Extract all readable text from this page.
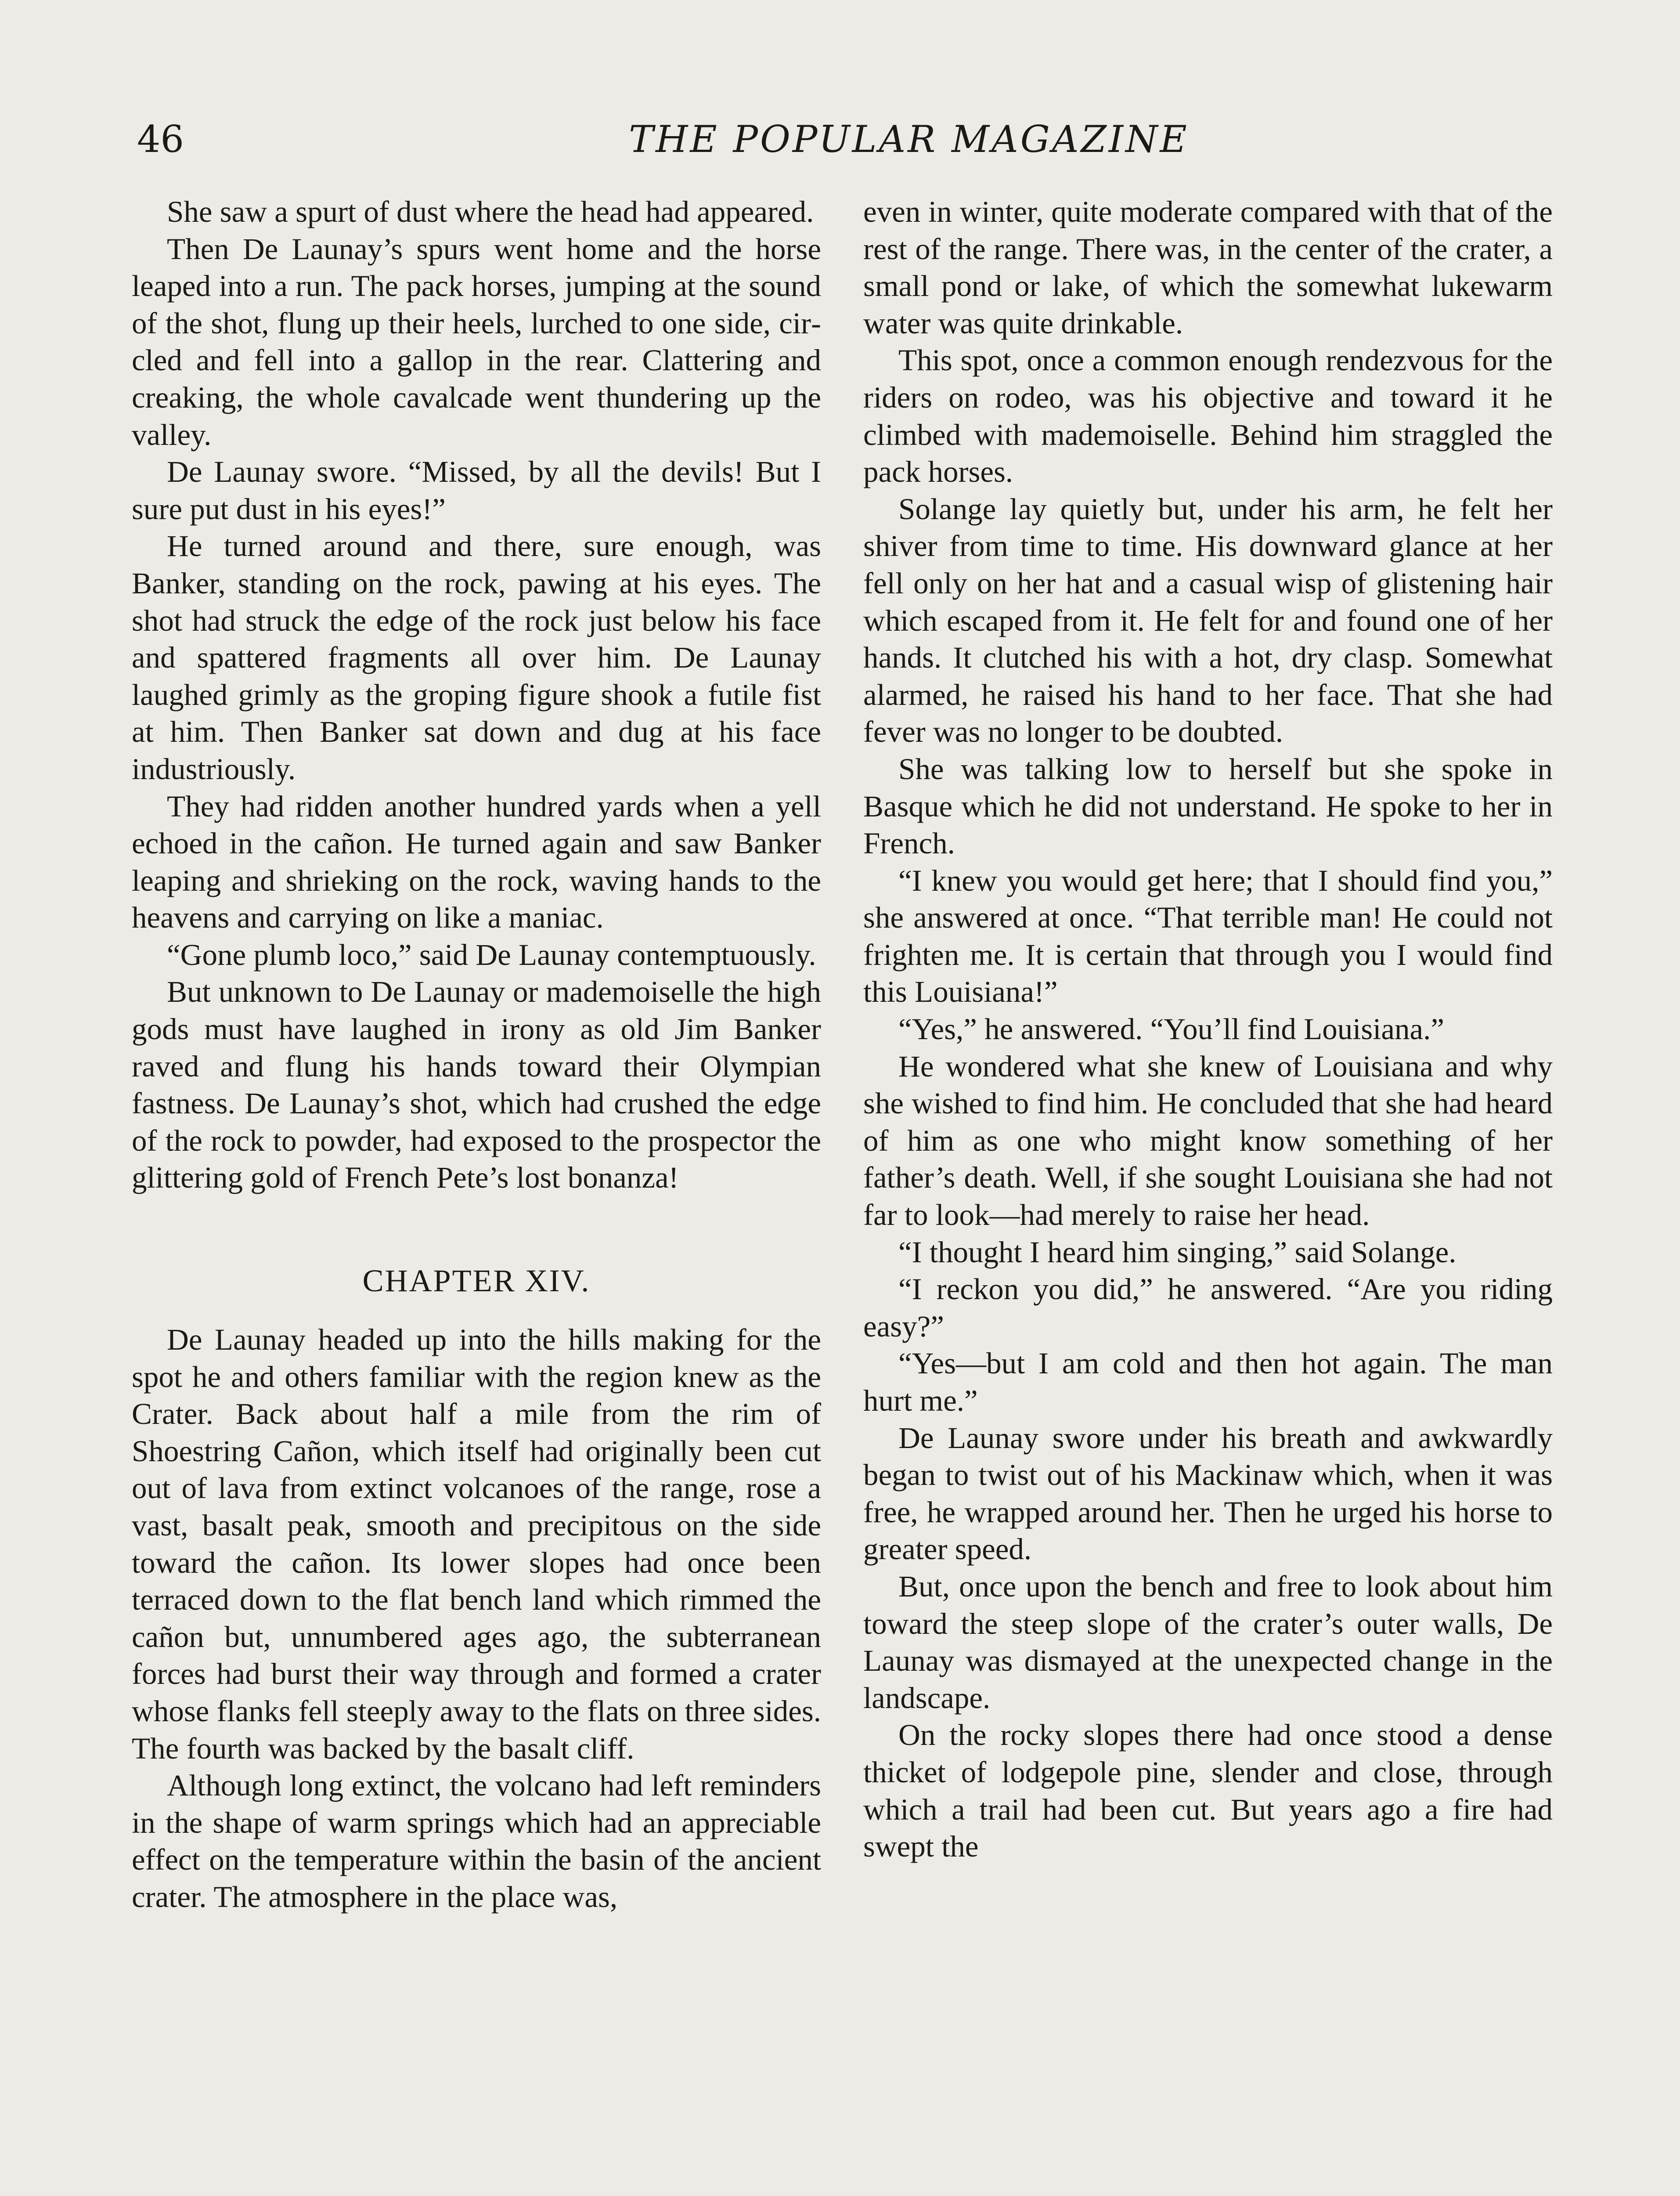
46	THE POPULAR MAGAZINE

She saw a spurt of dust where the head had appeared.

Then De Launay’s spurs went home and the horse leaped into a run. The pack horses, jumping at the sound of the shot, flung up their heels, lurched to one side, circled and fell into a gallop in the rear. Clattering and creaking, the whole cavalcade went thundering up the valley.

De Launay swore. “Missed, by all the devils! But I sure put dust in his eyes!”

He turned around and there, sure enough, was Banker, standing on the rock, pawing at his eyes. The shot had struck the edge of the rock just below his face and spattered fragments all over him. De Launay laughed grimly as the groping figure shook a futile fist at him. Then Banker sat down and dug at his face industriously.

They had ridden another hundred yards when a yell echoed in the cañon. He turned again and saw Banker leaping and shrieking on the rock, waving hands to the heavens and carrying on like a maniac.

“Gone plumb loco,” said De Launay contemptuously.

But unknown to De Launay or mademoiselle the high gods must have laughed in irony as old Jim Banker raved and flung his hands toward their Olympian fastness. De Launay’s shot, which had crushed the edge of the rock to powder, had exposed to the prospector the glittering gold of French Pete’s lost bonanza!

CHAPTER XIV.

De Launay headed up into the hills making for the spot he and others familiar with the region knew as the Crater. Back about half a mile from the rim of Shoestring Cañon, which itself had originally been cut out of lava from extinct volcanoes of the range, rose a vast, basalt peak, smooth and precipitous on the side toward the cañon. Its lower slopes had once been terraced down to the flat bench land which rimmed the cañon but, unnumbered ages ago, the subterranean forces had burst their way through and formed a crater whose flanks fell steeply away to the flats on three sides. The fourth was backed by the basalt cliff.

Although long extinct, the volcano had left reminders in the shape of warm springs which had an appreciable effect on the temperature within the basin of the ancient crater. The atmosphere in the place was,

even in winter, quite moderate compared with that of the rest of the range. There was, in the center of the crater, a small pond or lake, of which the somewhat lukewarm water was quite drinkable.

This spot, once a common enough rendezvous for the riders on rodeo, was his objective and toward it he climbed with mademoiselle. Behind him straggled the pack horses.

Solange lay quietly but, under his arm, he felt her shiver from time to time. His downward glance at her fell only on her hat and a casual wisp of glistening hair which escaped from it. He felt for and found one of her hands. It clutched his with a hot, dry clasp. Somewhat alarmed, he raised his hand to her face. That she had fever was no longer to be doubted.

She was talking low to herself but she spoke in Basque which he did not understand. He spoke to her in French.

“I knew you would get here; that I should find you,” she answered at once. “That terrible man! He could not frighten me. It is certain that through you I would find this Louisiana!”

“Yes,” he answered. “You’ll find Louisiana.”

He wondered what she knew of Louisiana and why she wished to find him. He concluded that she had heard of him as one who might know something of her father’s death. Well, if she sought Louisiana she had not far to look—had merely to raise her head.

“I thought I heard him singing,” said Solange.

“I reckon you did,” he answered. “Are you riding easy?”

“Yes—but I am cold and then hot again. The man hurt me.”

De Launay swore under his breath and awkwardly began to twist out of his Mackinaw which, when it was free, he wrapped around her. Then he urged his horse to greater speed.

But, once upon the bench and free to look about him toward the steep slope of the crater’s outer walls, De Launay was dismayed at the unexpected change in the landscape.

On the rocky slopes there had once stood a dense thicket of lodgepole pine, slender and close, through which a trail had been cut. But years ago a fire had swept the
